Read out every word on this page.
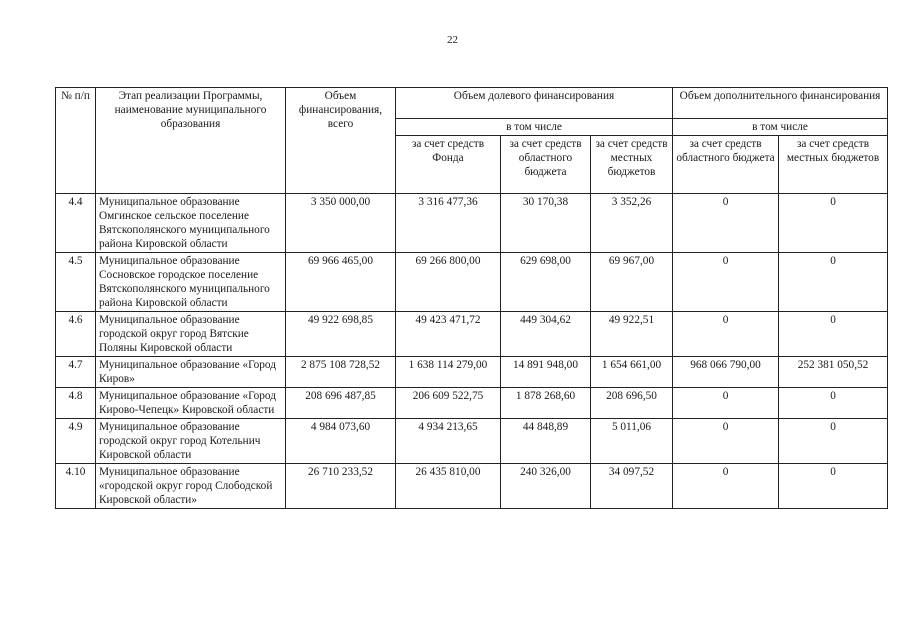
22
№ п/п	Этап реализации Программы, наименование муниципального образования	Объем финансирования, всего	Объем долевого финансирования			Объем дополнительного финансирования	
			в том числе			в том числе	
			за счет средств Фонда	за счет средств областного бюджета	за счет средств местных бюджетов	за счет средств областного бюджета	за счет средств местных бюджетов
4.4	Муниципальное образование Омгинское сельское поселение Вятскополянского муниципального района Кировской области	3 350 000,00	3 316 477,36	30 170,38	3 352,26	0	0
4.5	Муниципальное образование Сосновское городское поселение Вятскополянского муниципального района Кировской области	69 966 465,00	69 266 800,00	629 698,00	69 967,00	0	0
4.6	Муниципальное образование городской округ город Вятские Поляны Кировской области	49 922 698,85	49 423 471,72	449 304,62	49 922,51	0	0
4.7	Муниципальное образование «Город Киров»	2 875 108 728,52	1 638 114 279,00	14 891 948,00	1 654 661,00	968 066 790,00	252 381 050,52
4.8	Муниципальное образование «Город Кирово-Чепецк» Кировской области	208 696 487,85	206 609 522,75	1 878 268,60	208 696,50	0	0
4.9	Муниципальное образование городской округ город Котельнич Кировской области	4 984 073,60	4 934 213,65	44 848,89	5 011,06	0	0
4.10	Муниципальное образование «городской округ город Слободской Кировской области»	26 710 233,52	26 435 810,00	240 326,00	34 097,52	0	0
